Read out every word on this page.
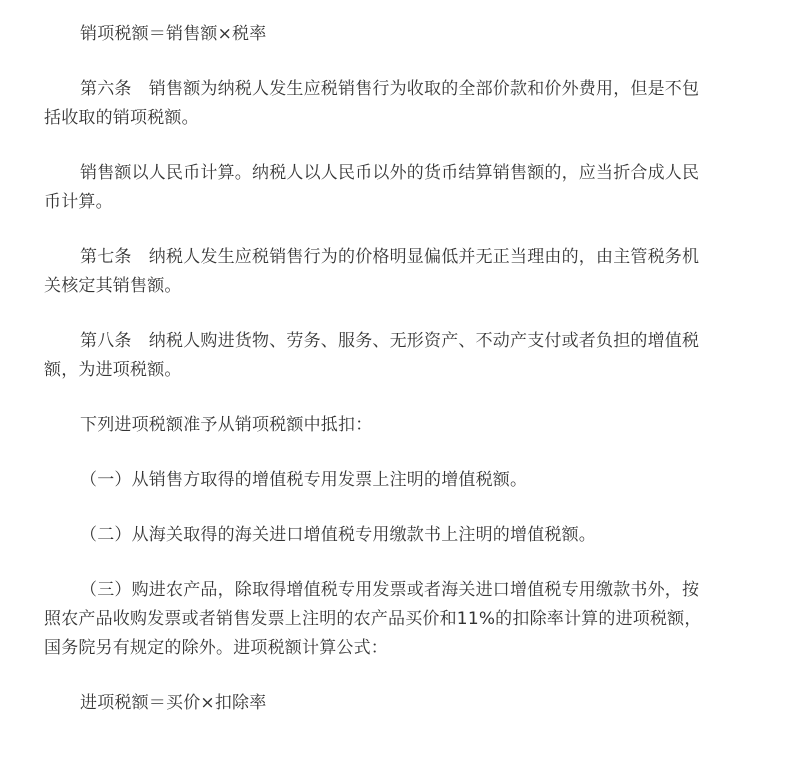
销项税额＝销售额×税率

第六条　销售额为纳税人发生应税销售行为收取的全部价款和价外费用，但是不包括收取的销项税额。

销售额以人民币计算。纳税人以人民币以外的货币结算销售额的，应当折合成人民币计算。

第七条　纳税人发生应税销售行为的价格明显偏低并无正当理由的，由主管税务机关核定其销售额。

第八条　纳税人购进货物、劳务、服务、无形资产、不动产支付或者负担的增值税额，为进项税额。

下列进项税额准予从销项税额中抵扣：

（一）从销售方取得的增值税专用发票上注明的增值税额。

（二）从海关取得的海关进口增值税专用缴款书上注明的增值税额。

（三）购进农产品，除取得增值税专用发票或者海关进口增值税专用缴款书外，按照农产品收购发票或者销售发票上注明的农产品买价和11%的扣除率计算的进项税额，国务院另有规定的除外。进项税额计算公式：

进项税额＝买价×扣除率
